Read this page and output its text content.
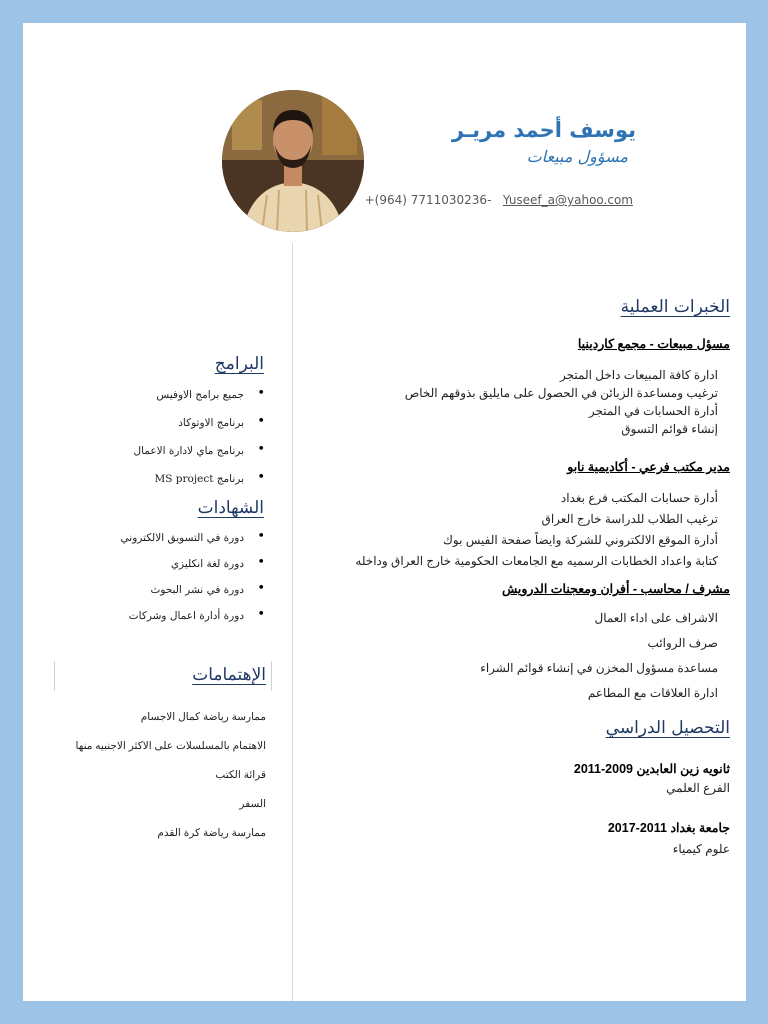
يوسف أحمد مريـر
مسؤول مبيعات
+(964) 7711030236- Yuseef_a@yahoo.com
الخبرات العملية
مسؤل مبيعات - مجمع كاردينيا
ادارة كافة المبيعات داخل المتجر
ترغيب ومساعدة الزبائن في الحصول على مايليق بذوقهم الخاص
أدارة الحسابات في المتجر
إنشاء قوائم التسوق
مدير مكتب فرعي - أكاديمية نابو
أدارة حسابات المكتب فرع بغداد
ترغيب الطلاب للدراسة خارج العراق
أدارة الموقع الالكتروني للشركة وايضاً صفحة الفيس بوك
كتابة واعداد الخطابات الرسميه مع الجامعات الحكومية خارج العراق وداخله
مشرف / محاسب - أفران ومعجنات الدرويش
الاشراف على اداء العمال
صرف الروائب
مساعدة مسؤول المخزن في إنشاء قوائم الشراء
ادارة العلاقات مع المطاعم
التحصيل الدراسي
ثانويه زين العابدين 2009-2011
الفرع العلمي
جامعة بغداد 2011-2017
علوم كيمياء
البرامج
• جميع برامج الاوفيس
• برنامج الاوتوكاد
• برنامج ماي لادارة الاعمال
• برنامج MS project
الشهادات
• دورة في التسويق الالكتروني
• دورة لغة انكليزي
• دورة في نشر البحوث
• دورة أدارة اعمال وشركات
الإهتمامات
ممارسة رياضة كمال الاجسام
الاهتمام بالمسلسلات على الاكثر الاجنبيه منها
قرائة الكتب
السفر
ممارسة رياضة كرة القدم
